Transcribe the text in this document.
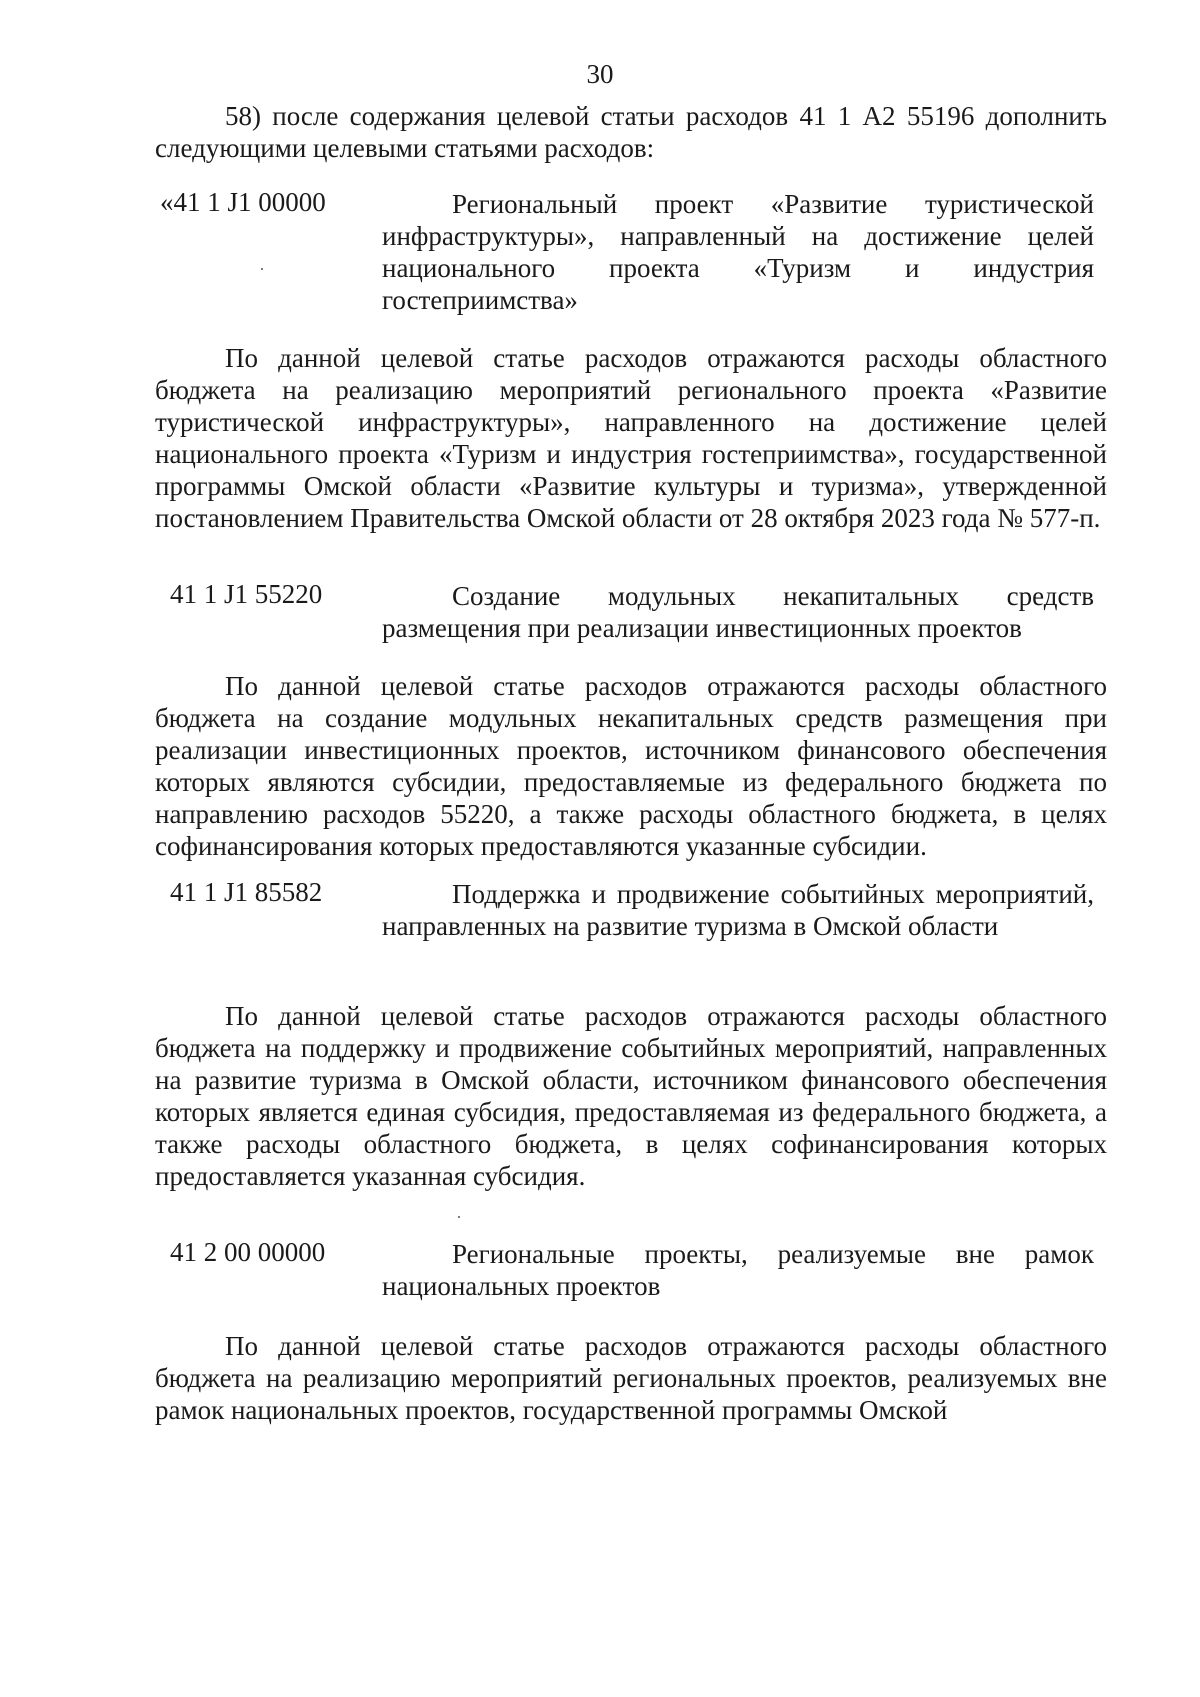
30

58) после содержания целевой статьи расходов 41 1 А2 55196 дополнить следующими целевыми статьями расходов:

«41 1 J1 00000	Региональный проект «Развитие туристической инфраструктуры», направленный на достижение целей национального проекта «Туризм и индустрия гостеприимства»

По данной целевой статье расходов отражаются расходы областного бюджета на реализацию мероприятий регионального проекта «Развитие туристической инфраструктуры», направленного на достижение целей национального проекта «Туризм и индустрия гостеприимства», государственной программы Омской области «Развитие культуры и туризма», утвержденной постановлением Правительства Омской области от 28 октября 2023 года № 577-п.

41 1 J1 55220	Создание модульных некапитальных средств размещения при реализации инвестиционных проектов

По данной целевой статье расходов отражаются расходы областного бюджета на создание модульных некапитальных средств размещения при реализации инвестиционных проектов, источником финансового обеспечения которых являются субсидии, предоставляемые из федерального бюджета по направлению расходов 55220, а также расходы областного бюджета, в целях софинансирования которых предоставляются указанные субсидии.

41 1 J1 85582	Поддержка и продвижение событийных мероприятий, направленных на развитие туризма в Омской области

По данной целевой статье расходов отражаются расходы областного бюджета на поддержку и продвижение событийных мероприятий, направленных на развитие туризма в Омской области, источником финансового обеспечения которых является единая субсидия, предоставляемая из федерального бюджета, а также расходы областного бюджета, в целях софинансирования которых предоставляется указанная субсидия.

41 2 00 00000	Региональные проекты, реализуемые вне рамок национальных проектов

По данной целевой статье расходов отражаются расходы областного бюджета на реализацию мероприятий региональных проектов, реализуемых вне рамок национальных проектов, государственной программы Омской
